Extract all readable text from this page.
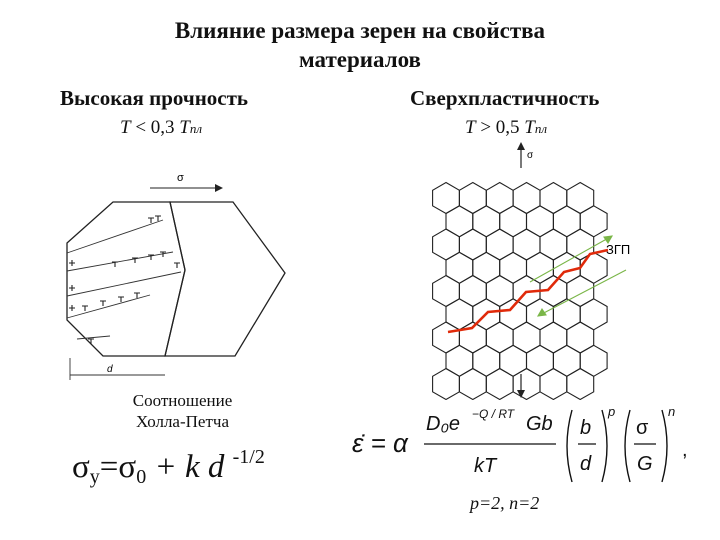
Влияние размера зерен на свойства
материалов
Высокая прочность
T < 0,3 Tпл
Сверхпластичность
T > 0,5 Tпл
σ
d
Соотношение
Холла-Петча
$\sigma_у=\sigma_0 + k$ d $^{-1/2}$
σ
ЗГП
ε̇ = α
D₀e −Q / RT Gb
kT
b
d
p
σ
G
n
,
p=2, n=2
